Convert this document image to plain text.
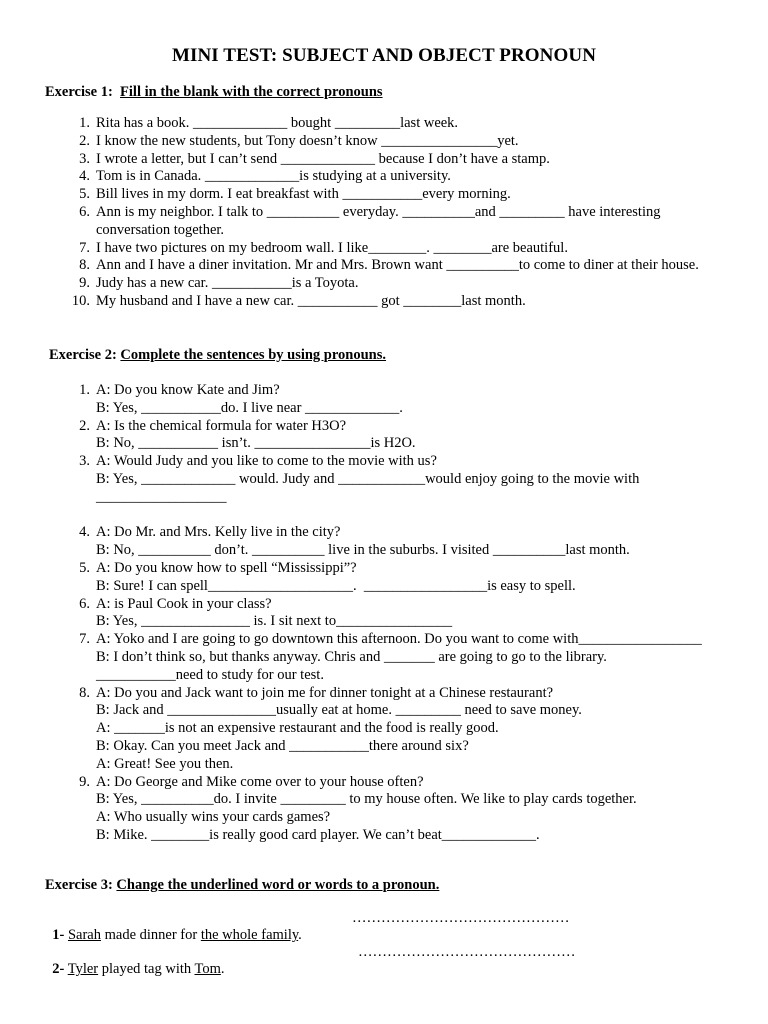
MINI TEST: SUBJECT AND OBJECT PRONOUN
Exercise 1: Fill in the blank with the correct pronouns
1. Rita has a book. _____________ bought _________last week.
2. I know the new students, but Tony doesn’t know ________________yet.
3. I wrote a letter, but I can’t send _____________ because I don’t have a stamp.
4. Tom is in Canada. _____________is studying at a university.
5. Bill lives in my dorm. I eat breakfast with ___________every morning.
6. Ann is my neighbor. I talk to __________ everyday. __________and _________ have interesting
conversation together.
7. I have two pictures on my bedroom wall. I like________. ________are beautiful.
8. Ann and I have a diner invitation. Mr and Mrs. Brown want __________to come to diner at their house.
9. Judy has a new car. ___________is a Toyota.
10. My husband and I have a new car. ___________ got ________last month.
Exercise 2: Complete the sentences by using pronouns.
1. A: Do you know Kate and Jim?
B: Yes, ___________do. I live near _____________.
2. A: Is the chemical formula for water H3O?
B: No, ___________ isn’t. ________________is H2O.
3. A: Would Judy and you like to come to the movie with us?
B: Yes, _____________ would. Judy and ____________would enjoy going to the movie with
__________________
4. A: Do Mr. and Mrs. Kelly live in the city?
B: No, __________ don’t. __________ live in the suburbs. I visited __________last month.
5. A: Do you know how to spell “Mississippi”?
B: Sure! I can spell____________________.  _________________is easy to spell.
6. A: is Paul Cook in your class?
B: Yes, _______________ is. I sit next to________________
7. A: Yoko and I are going to go downtown this afternoon. Do you want to come with_________________
B: I don’t think so, but thanks anyway. Chris and _______ are going to go to the library.
___________need to study for our test.
8. A: Do you and Jack want to join me for dinner tonight at a Chinese restaurant?
B: Jack and _______________usually eat at home. _________ need to save money.
A: _______is not an expensive restaurant and the food is really good.
B: Okay. Can you meet Jack and ___________there around six?
A: Great! See you then.
9. A: Do George and Mike come over to your house often?
B: Yes, __________do. I invite _________ to my house often. We like to play cards together.
A: Who usually wins your cards games?
B: Mike. ________is really good card player. We can’t beat_____________.
Exercise 3: Change the underlined word or words to a pronoun.

1- Sarah made dinner for the whole family.

………………………………………

2- Tyler played tag with Tom.

………………………………………
